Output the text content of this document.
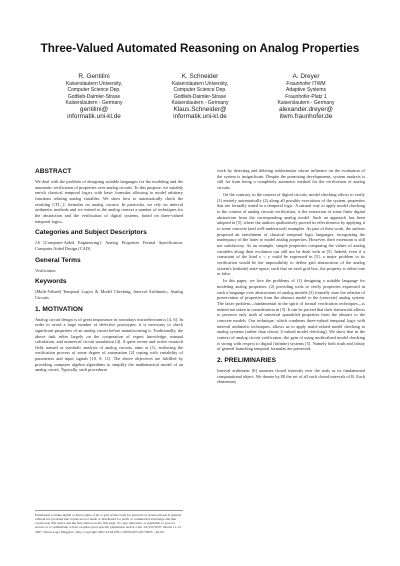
Three-Valued Automated Reasoning on Analog Properties
R. Gentilini
Kaiserslautern University,
Computer Science Dep.
Gottlieb-Daimler-Strase
Kaiserslautern - Germany
gentilini@
informatik.uni-kl.de
K. Schneider
Kaiserslautern University,
Computer Science Dep.
Gottlieb-Daimler-Strase
Kaiserslautern - Germany
Klaus.Schneider@
informatik.uni-kl.de
A. Dreyer
Fraunhofer ITWM
Adaptive Systems
Fraunhofer-Platz 1
Kaiserslautern - Germany
alexander.dreyer@
itwm.fraunhofer.de
ABSTRACT

We deal with the problem of designing suitable languages for the modeling and the automatic verification of properties over analog circuits. To this purpose, we suitably enrich classical temporal logics with basic formulas allowing to model arbitrary functions relating analog variables. We show how to automatically check the resulting CTL_C formulas on analog circuits. In particular, we rely on interval arithmetic methods and we extend to the analog context a number of techniques for the abstraction and the verification of digital systems, based on three-valued temporal logics.

Categories and Subject Descriptors

J.6 [Computer-Aided Engineering]: Analog Properties Formal Specification, Computer Aided Design (CAD)

General Terms

Verification

Keywords

(Multi-Valued) Temporal Logics & Model Checking, Interval Arithmetic, Analog Circuits

1. MOTIVATION

Analog circuit design is of great importance in nowadays microelectronics [4, 6]. In order to avoid a large number of defective prototypes, it is necessary to check significant properties of an analog circuit before manufacturing it. Traditionally, the above task relies largely on the cooperation of expert knowledge, manual calculation, and numerical circuit simulation [4]. A quite recent and active research field, named as symbolic analysis of analog circuits, aims at (1), endowing the verification process of some degree of automation [2] coping with variability of parameters and input signals [10, 8, 11]. The above objectives are fulfilled by providing computer algebra algorithms to simplify the mathematical model of an analog circuit. Typically, such procedures

Permission to make digital or hard copies of all or part of this work for personal or classroom use is granted without fee provided that copies are not made or distributed for profit or commercial advantage and that copies bear this notice and the full citation on the first page. To copy otherwise, to republish, to post on servers or to redistribute to lists, requires prior specific permission and/or a fee. GLSVLSI'07, March 11-13, 2007, Stresa-Lago Maggiore, Italy. Copyright 2007 ACM 978-1-59593-605-9/07/0003 ...$5.00.

work by detecting and deleting subformulae whose influence on the evaluation of the system is insignificant. Despite the promising developments, system analysis is still far from being a completely automatic method for the verification of analog circuits.

On the contrary, in the context of digital circuits, model checking allows to verify (1) entirely automatically (2) along all possible executions of the system, properties that are formally stated in a temporal logic. A natural way to apply model checking to the context of analog circuits verification, is the extraction of some finite digital abstraction from the corresponding analog model. Such an approach has been adopted in [5], where the authors qualitatively proved its effectiveness by applying it to some concrete (and well-understood) examples. As part of their work, the authors proposed an enrichment of classical temporal logic languages, recognizing the inadequacy of the latter to model analog properties. However, their extension is still not satisfactory. As an example, simple properties comparing the values of analog variables along their evolution can still not be dealt with in [5]. Indeed, even if a constraint of the kind x < y could be expressed in [5], a major problem to its verification would be the impossibility to define grid abstractions of the analog system's (infinite) state-space, such that on each grid box, the property is either true or false.

In this paper, we face the problems of (1) designing a suitable language for modeling analog properties, (2) providing tools to verify properties expressed in such a language over abstractions of analog models (3) formally state the relation of preservation of properties from the abstract model to the (concrete) analog system. The latter problem—fundamental in the spirit of formal verification techniques—is indeed not taken in consideration in [5]. It can be proved that their framework allows to preserve only truth of universal quantified properties from the abstract to the concrete models. Our technique, which combines three-valued temporal logic with interval arithmetic techniques, allows us to apply multi-valued model checking to analog systems (rather than classic 2-valued model checking). We show that in the context of analog circuit verification, the gain of using multivalued model checking is strong with respect to digital (infinite) systems [5]. Namely both truth and falsity of general branching temporal formulas are preserved.

2. PRELIMINARIES

Interval arithmetic [6] assumes closed intervals over the reals as its fundamental computational object. We denote by IR the set of all such closed intervals of R. Each elementary
